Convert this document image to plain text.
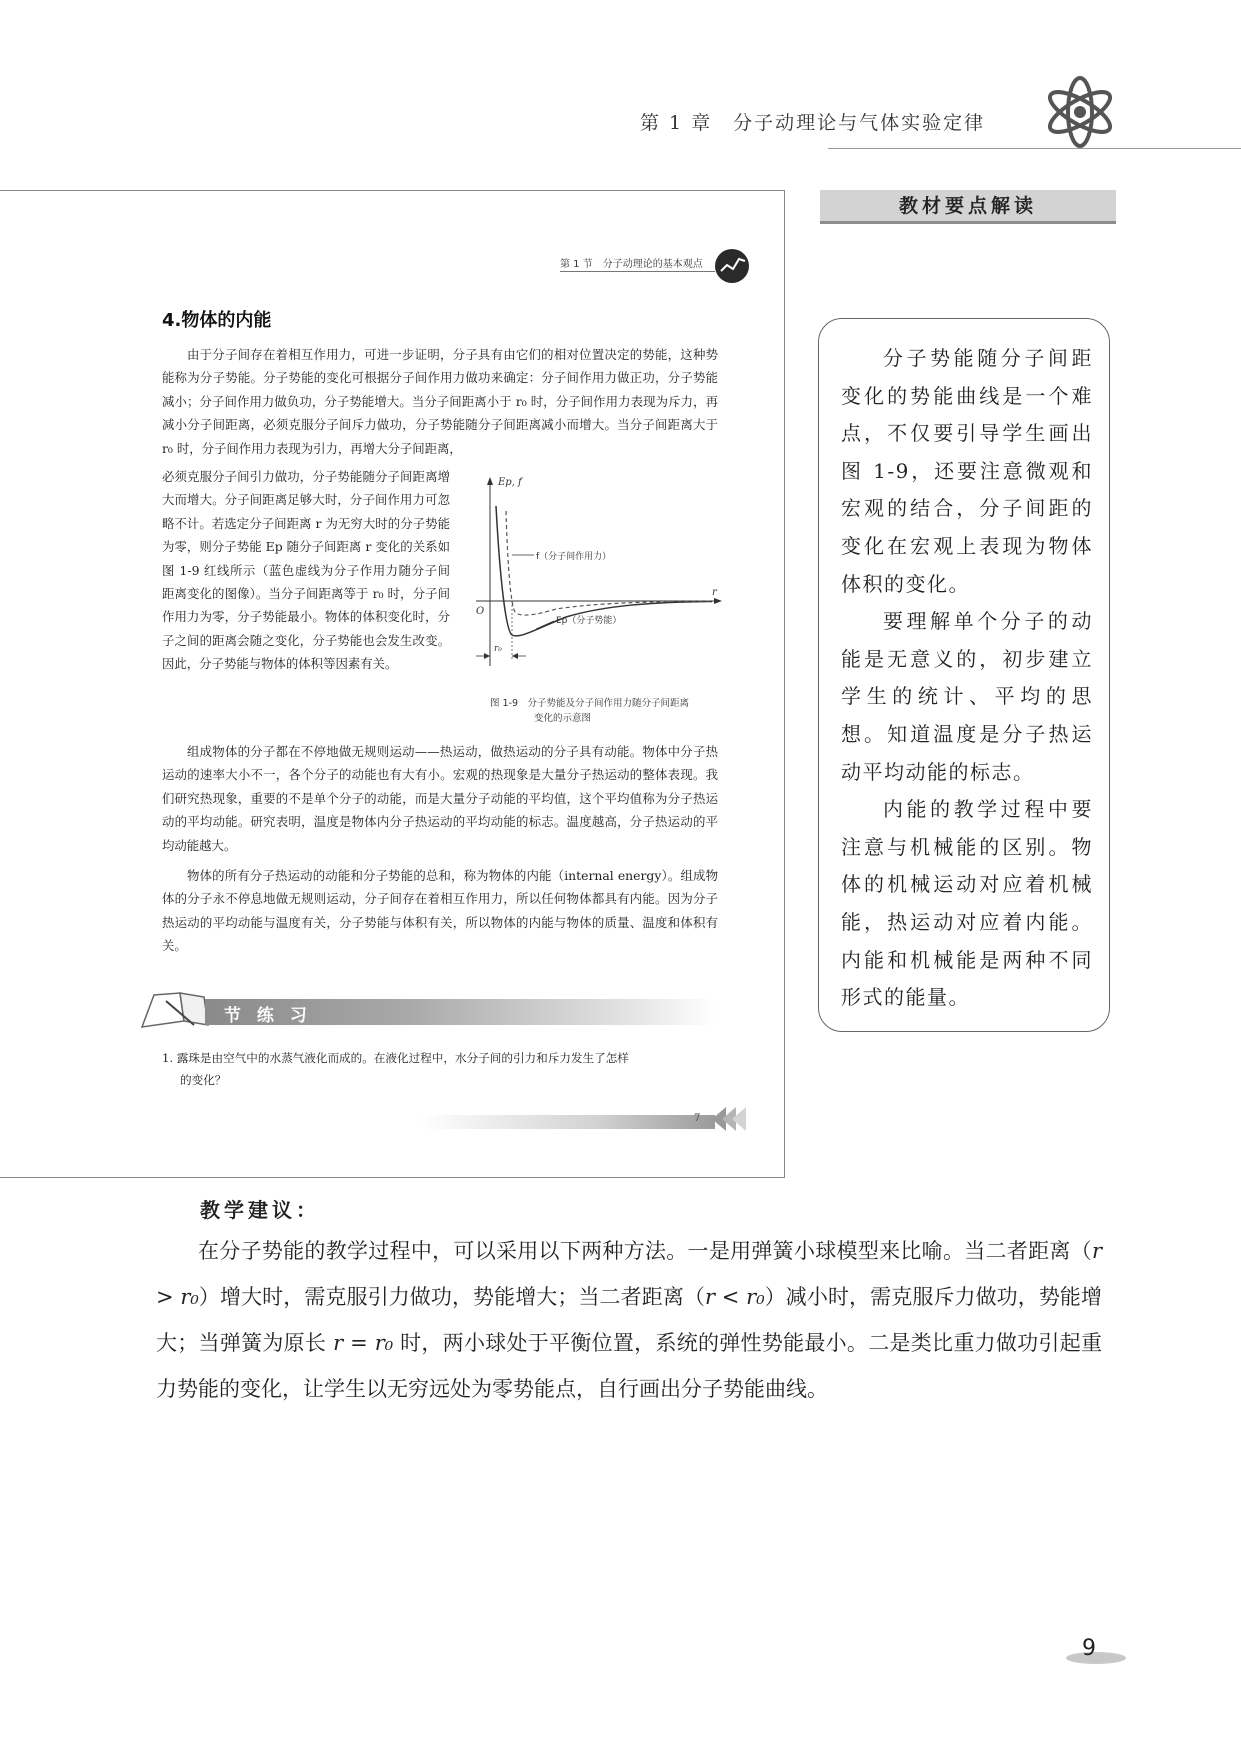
第 1 章　分子动理论与气体实验定律
第 1 节　分子动理论的基本观点
4.物体的内能
由于分子间存在着相互作用力，可进一步证明，分子具有由它们的相对位置决定的势能，这种势能称为分子势能。分子势能的变化可根据分子间作用力做功来确定：分子间作用力做正功，分子势能减小；分子间作用力做负功，分子势能增大。当分子间距离小于 r₀ 时，分子间作用力表现为斥力，再减小分子间距离，必须克服分子间斥力做功，分子势能随分子间距离减小而增大。当分子间距离大于 r₀ 时，分子间作用力表现为引力，再增大分子间距离，
必须克服分子间引力做功，分子势能随分子间距离增大而增大。分子间距离足够大时，分子间作用力可忽略不计。若选定分子间距离 r 为无穷大时的分子势能为零，则分子势能 Ep 随分子间距离 r 变化的关系如图 1-9 红线所示（蓝色虚线为分子作用力随分子间距离变化的图像）。当分子间距离等于 r₀ 时，分子间作用力为零，分子势能最小。物体的体积变化时，分子之间的距离会随之变化，分子势能也会发生改变。因此，分子势能与物体的体积等因素有关。
Ep, f
r
O
f（分子间作用力）
Ep（分子势能）
r₀
图 1-9　分子势能及分子间作用力随分子间距离
变化的示意图
组成物体的分子都在不停地做无规则运动——热运动，做热运动的分子具有动能。物体中分子热运动的速率大小不一，各个分子的动能也有大有小。宏观的热现象是大量分子热运动的整体表现。我们研究热现象，重要的不是单个分子的动能，而是大量分子动能的平均值，这个平均值称为分子热运动的平均动能。研究表明，温度是物体内分子热运动的平均动能的标志。温度越高，分子热运动的平均动能越大。
物体的所有分子热运动的动能和分子势能的总和，称为物体的内能（internal energy）。组成物体的分子永不停息地做无规则运动，分子间存在着相互作用力，所以任何物体都具有内能。因为分子热运动的平均动能与温度有关，分子势能与体积有关，所以物体的内能与物体的质量、温度和体积有关。
节 练 习
1. 露珠是由空气中的水蒸气液化而成的。在液化过程中，水分子间的引力和斥力发生了怎样
的变化？
7
教材要点解读

分子势能随分子间距变化的势能曲线是一个难点，不仅要引导学生画出图 1-9，还要注意微观和宏观的结合，分子间距的变化在宏观上表现为物体体积的变化。

要理解单个分子的动能是无意义的，初步建立学生的统计、平均的思想。知道温度是分子热运动平均动能的标志。

内能的教学过程中要注意与机械能的区别。物体的机械运动对应着机械能，热运动对应着内能。内能和机械能是两种不同形式的能量。

教学建议：
在分子势能的教学过程中，可以采用以下两种方法。一是用弹簧小球模型来比喻。当二者距离（r > r₀）增大时，需克服引力做功，势能增大；当二者距离（r < r₀）减小时，需克服斥力做功，势能增大；当弹簧为原长 r = r₀ 时，两小球处于平衡位置，系统的弹性势能最小。二是类比重力做功引起重力势能的变化，让学生以无穷远处为零势能点，自行画出分子势能曲线。
9
